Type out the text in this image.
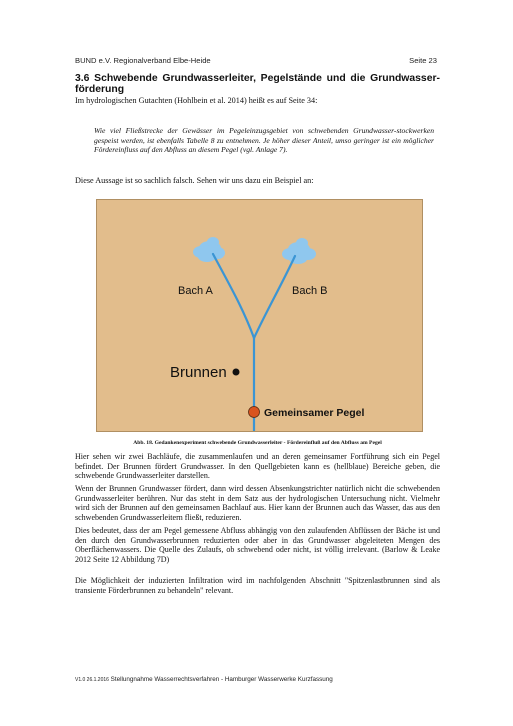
BUND e.V. Regionalverband Elbe-Heide	Seite 23
3.6 Schwebende Grundwasserleiter, Pegelstände und die Grundwasser-förderung
Im hydrologischen Gutachten (Hohlbein et al. 2014) heißt es auf Seite 34:
Wie viel Fließstrecke der Gewässer im Pegeleinzugsgebiet von schwebenden Grundwasser-stockwerken gespeist werden, ist ebenfalls Tabelle 8 zu entnehmen. Je höher dieser Anteil, umso geringer ist ein möglicher Fördereinfluss auf den Abfluss an diesem Pegel (vgl. Anlage 7).
Diese Aussage ist so sachlich falsch. Sehen wir uns dazu ein Beispiel an:
Bach A	Bach B
Brunnen
Gemeinsamer Pegel
Abb. 18. Gedankenexperiment schwebende Grundwasserleiter - Fördereinfluß auf den Abfluss am Pegel

Hier sehen wir zwei Bachläufe, die zusammenlaufen und an deren gemeinsamer Fortführung sich ein Pegel befindet. Der Brunnen fördert Grundwasser. In den Quellgebieten kann es (hellblaue) Bereiche geben, die schwebende Grundwasserleiter darstellen.

Wenn der Brunnen Grundwasser fördert, dann wird dessen Absenkungstrichter natürlich nicht die schwebenden Grundwasserleiter berühren. Nur das steht in dem Satz aus der hydrologischen Untersuchung nicht. Vielmehr wird sich der Brunnen auf den gemeinsamen Bachlauf aus. Hier kann der Brunnen auch das Wasser, das aus den schwebenden Grundwasserleitern fließt, reduzieren.

Dies bedeutet, dass der am Pegel gemessene Abfluss abhängig von den zulaufenden Abflüssen der Bäche ist und den durch den Grundwasserbrunnen reduzierten oder aber in das Grundwasser abgeleiteten Mengen des Oberflächenwassers. Die Quelle des Zulaufs, ob schwebend oder nicht, ist völlig irrelevant. (Barlow & Leake 2012 Seite 12 Abbildung 7D)

Die Möglichkeit der induzierten Infiltration wird im nachfolgenden Abschnitt "Spitzenlastbrunnen sind als transiente Förderbrunnen zu behandeln" relevant.

V1.0 26.1.2016 Stellungnahme Wasserrechtsverfahren - Hamburger Wasserwerke Kurzfassung
